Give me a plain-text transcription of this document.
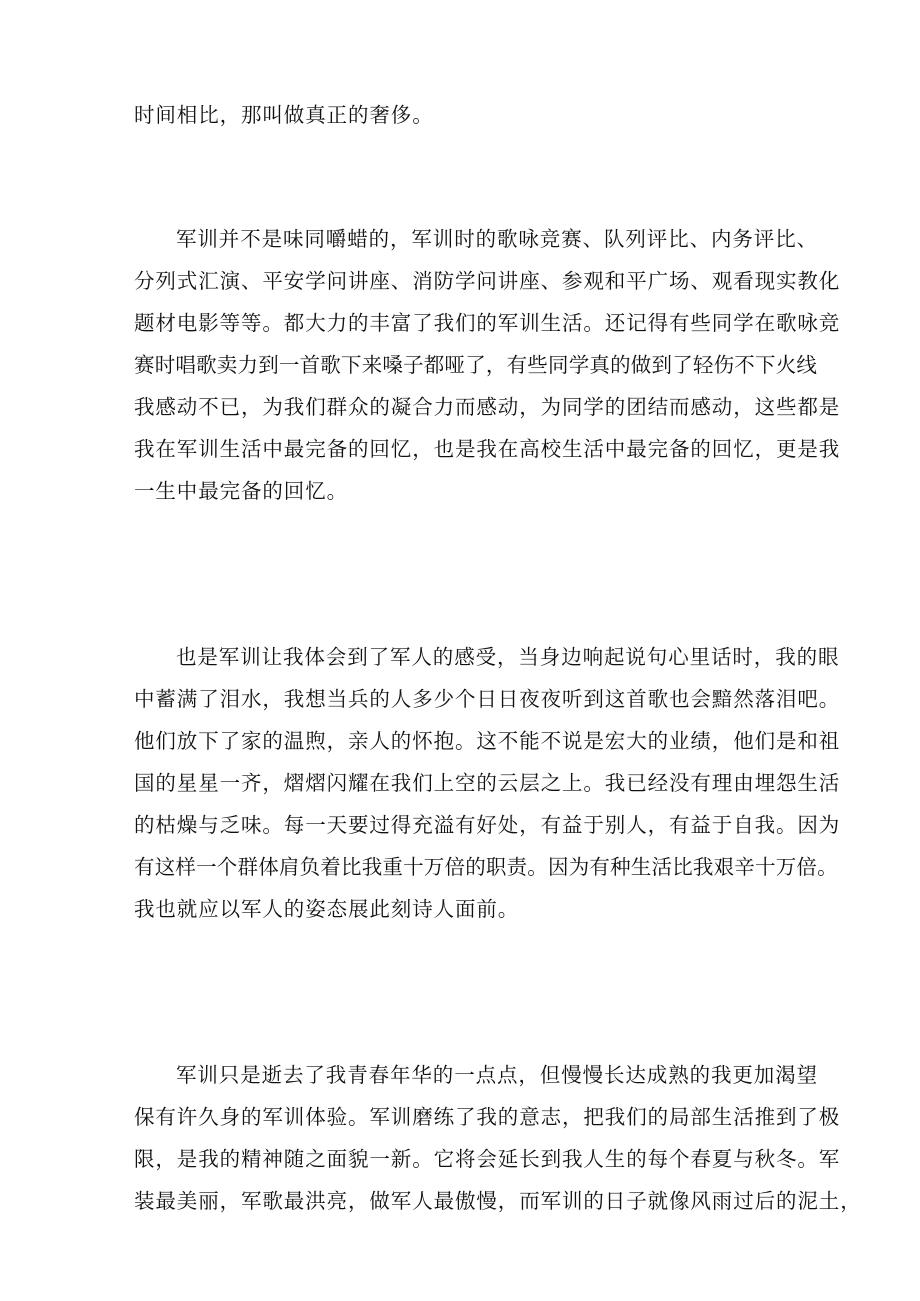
时间相比，那叫做真正的奢侈。
军训并不是味同嚼蜡的，军训时的歌咏竞赛、队列评比、内务评比、
分列式汇演、平安学问讲座、消防学问讲座、参观和平广场、观看现实教化
题材电影等等。都大力的丰富了我们的军训生活。还记得有些同学在歌咏竞
赛时唱歌卖力到一首歌下来嗓子都哑了，有些同学真的做到了轻伤不下火线
我感动不已，为我们群众的凝合力而感动，为同学的团结而感动，这些都是
我在军训生活中最完备的回忆，也是我在高校生活中最完备的回忆，更是我
一生中最完备的回忆。
也是军训让我体会到了军人的感受，当身边响起说句心里话时，我的眼
中蓄满了泪水，我想当兵的人多少个日日夜夜听到这首歌也会黯然落泪吧。
他们放下了家的温煦，亲人的怀抱。这不能不说是宏大的业绩，他们是和祖
国的星星一齐，熠熠闪耀在我们上空的云层之上。我已经没有理由埋怨生活
的枯燥与乏味。每一天要过得充溢有好处，有益于别人，有益于自我。因为
有这样一个群体肩负着比我重十万倍的职责。因为有种生活比我艰辛十万倍。
我也就应以军人的姿态展此刻诗人面前。
军训只是逝去了我青春年华的一点点，但慢慢长达成熟的我更加渴望
保有许久身的军训体验。军训磨练了我的意志，把我们的局部生活推到了极
限，是我的精神随之面貌一新。它将会延长到我人生的每个春夏与秋冬。军
装最美丽，军歌最洪亮，做军人最傲慢，而军训的日子就像风雨过后的泥土，
